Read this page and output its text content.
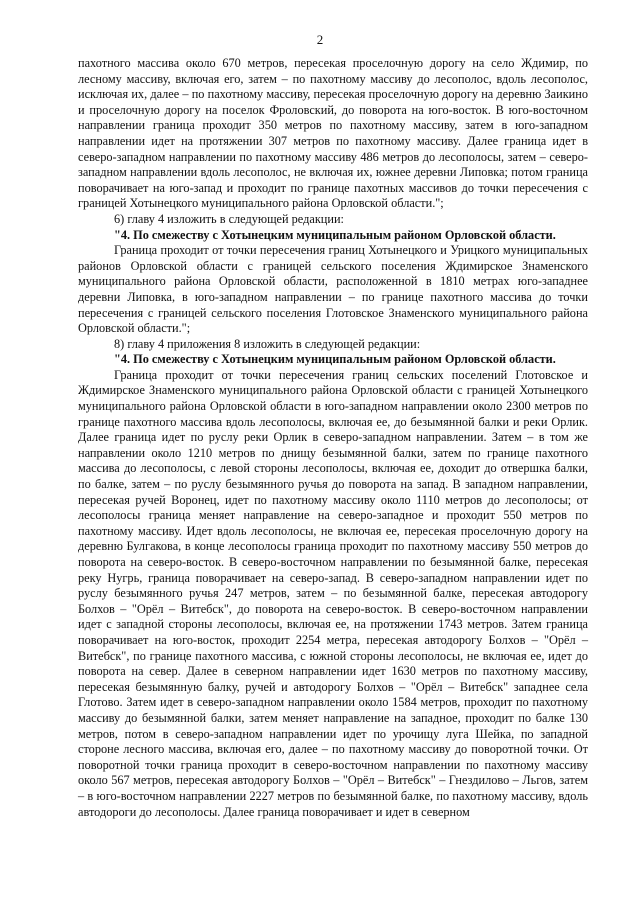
2

пахотного массива около 670 метров, пересекая проселочную дорогу на село Ждимир, по лесному массиву, включая его, затем – по пахотному массиву до лесополос, вдоль лесополос, исключая их, далее – по пахотному массиву, пересекая проселочную дорогу на деревню Заикино и проселочную дорогу на поселок Фроловский, до поворота на юго-восток. В юго-восточном направлении граница проходит 350 метров по пахотному массиву, затем в юго-западном направлении идет на протяжении 307 метров по пахотному массиву. Далее граница идет в северо-западном направлении по пахотному массиву 486 метров до лесополосы, затем – северо-западном направлении вдоль лесополос, не включая их, южнее деревни Липовка; потом граница поворачивает на юго-запад и проходит по границе пахотных массивов до точки пересечения с границей Хотынецкого муниципального района Орловской области.";

6) главу 4 изложить в следующей редакции:

"4. По смежеству с Хотынецким муниципальным районом Орловской области.

Граница проходит от точки пересечения границ Хотынецкого и Урицкого муниципальных районов Орловской области с границей сельского поселения Ждимирское Знаменского муниципального района Орловской области, расположенной в 1810 метрах юго-западнее деревни Липовка, в юго-западном направлении – по границе пахотного массива до точки пересечения с границей сельского поселения Глотовское Знаменского муниципального района Орловской области.";

8) главу 4 приложения 8 изложить в следующей редакции:

"4. По смежеству с Хотынецким муниципальным районом Орловской области.

Граница проходит от точки пересечения границ сельских поселений Глотовское и Ждимирское Знаменского муниципального района Орловской области с границей Хотынецкого муниципального района Орловской области в юго-западном направлении около 2300 метров по границе пахотного массива вдоль лесополосы, включая ее, до безымянной балки и реки Орлик. Далее граница идет по руслу реки Орлик в северо-западном направлении. Затем – в том же направлении около 1210 метров по днищу безымянной балки, затем по границе пахотного массива до лесополосы, с левой стороны лесополосы, включая ее, доходит до отвершка балки, по балке, затем – по руслу безымянного ручья до поворота на запад. В западном направлении, пересекая ручей Воронец, идет по пахотному массиву около 1110 метров до лесополосы; от лесополосы граница меняет направление на северо-западное и проходит 550 метров по пахотному массиву. Идет вдоль лесополосы, не включая ее, пересекая проселочную дорогу на деревню Булгакова, в конце лесополосы граница проходит по пахотному массиву 550 метров до поворота на северо-восток. В северо-восточном направлении по безымянной балке, пересекая реку Нугрь, граница поворачивает на северо-запад. В северо-западном направлении идет по руслу безымянного ручья 247 метров, затем – по безымянной балке, пересекая автодорогу Болхов – "Орёл – Витебск", до поворота на северо-восток. В северо-восточном направлении идет с западной стороны лесополосы, включая ее, на протяжении 1743 метров. Затем граница поворачивает на юго-восток, проходит 2254 метра, пересекая автодорогу Болхов – "Орёл – Витебск", по границе пахотного массива, с южной стороны лесополосы, не включая ее, идет до поворота на север. Далее в северном направлении идет 1630 метров по пахотному массиву, пересекая безымянную балку, ручей и автодорогу Болхов – "Орёл – Витебск" западнее села Глотово. Затем идет в северо-западном направлении около 1584 метров, проходит по пахотному массиву до безымянной балки, затем меняет направление на западное, проходит по балке 130 метров, потом в северо-западном направлении идет по урочищу луга Шейка, по западной стороне лесного массива, включая его, далее – по пахотному массиву до поворотной точки. От поворотной точки граница проходит в северо-восточном направлении по пахотному массиву около 567 метров, пересекая автодорогу Болхов – "Орёл – Витебск" – Гнездилово – Льгов, затем – в юго-восточном направлении 2227 метров по безымянной балке, по пахотному массиву, вдоль автодороги до лесополосы. Далее граница поворачивает и идет в северном
